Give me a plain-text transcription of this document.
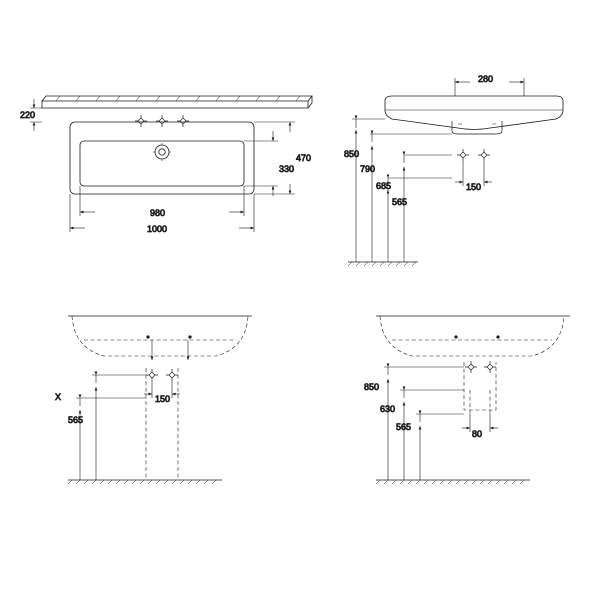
220
470
330
980
1000
280
850
790
685
565
150
X
565
150
850
630
565
80
